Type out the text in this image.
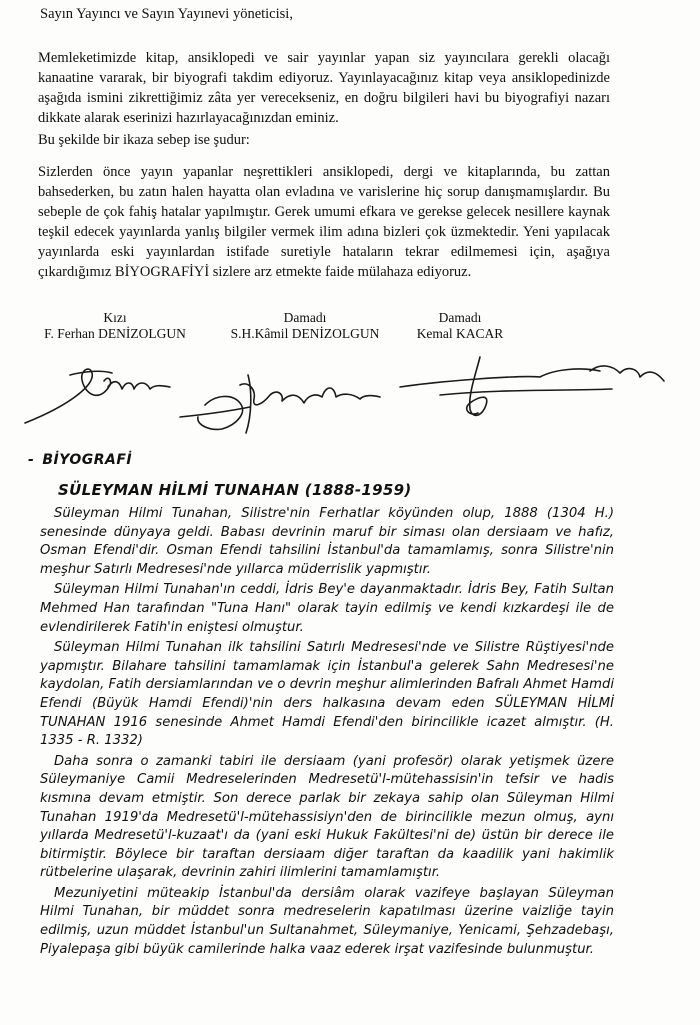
Sayın Yayıncı ve Sayın Yayınevi yöneticisi,

Memleketimizde kitap, ansiklopedi ve sair yayınlar yapan siz yayıncılara gerekli olacağı kanaatine vararak, bir biyografi takdim ediyoruz. Yayınlayacağınız kitap veya ansiklopedinizde aşağıda ismini zikrettiğimiz zâta yer verecekseniz, en doğru bilgileri havi bu biyografiyi nazarı dikkate alarak eserinizi hazırlayacağınızdan eminiz.

Bu şekilde bir ikaza sebep ise şudur:

Sizlerden önce yayın yapanlar neşrettikleri ansiklopedi, dergi ve kitaplarında, bu zattan bahsederken, bu zatın halen hayatta olan evladına ve varislerine hiç sorup danışmamışlardır. Bu sebeple de çok fahiş hatalar yapılmıştır. Gerek umumi efkara ve gerekse gelecek nesillere kaynak teşkil edecek yayınlarda yanlış bilgiler vermek ilim adına bizleri çok üzmektedir. Yeni yapılacak yayınlarda eski yayınlardan istifade suretiyle hataların tekrar edilmemesi için, aşağıya çıkardığımız BİYOGRAFİYİ sizlere arz etmekte faide mülahaza ediyoruz.

Kızı
F. Ferhan DENİZOLGUN
Damadı
S.H.Kâmil DENİZOLGUN
Damadı
Kemal KACAR
- BİYOGRAFİ
SÜLEYMAN HİLMİ TUNAHAN (1888-1959)

Süleyman Hilmi Tunahan, Silistre'nin Ferhatlar köyünden olup, 1888 (1304 H.) senesinde dünyaya geldi. Babası devrinin maruf bir siması olan dersiaam ve hafız, Osman Efendi'dir. Osman Efendi tahsilini İstanbul'da tamamlamış, sonra Silistre'nin meşhur Satırlı Medresesi'nde yıllarca müderrislik yapmıştır.

Süleyman Hilmi Tunahan'ın ceddi, İdris Bey'e dayanmaktadır. İdris Bey, Fatih Sultan Mehmed Han tarafından "Tuna Hanı" olarak tayin edilmiş ve kendi kızkardeşi ile de evlendirilerek Fatih'in eniştesi olmuştur.

Süleyman Hilmi Tunahan ilk tahsilini Satırlı Medresesi'nde ve Silistre Rüştiyesi'nde yapmıştır. Bilahare tahsilini tamamlamak için İstanbul'a gelerek Sahn Medresesi'ne kaydolan, Fatih dersiamlarından ve o devrin meşhur alimlerinden Bafralı Ahmet Hamdi Efendi (Büyük Hamdi Efendi)'nin ders halkasına devam eden SÜLEYMAN HİLMİ TUNAHAN 1916 senesinde Ahmet Hamdi Efendi'den birincilikle icazet almıştır. (H. 1335 - R. 1332)

Daha sonra o zamanki tabiri ile dersiaam (yani profesör) olarak yetişmek üzere Süleymaniye Camii Medreselerinden Medresetü'l-mütehassisin'in tefsir ve hadis kısmına devam etmiştir. Son derece parlak bir zekaya sahip olan Süleyman Hilmi Tunahan 1919'da Medresetü'l-mütehassisiyn'den de birincilikle mezun olmuş, aynı yıllarda Medresetü'l-kuzaat'ı da (yani eski Hukuk Fakültesi'ni de) üstün bir derece ile bitirmiştir. Böylece bir taraftan dersiaam diğer taraftan da kaadilik yani hakimlik rütbelerine ulaşarak, devrinin zahiri ilimlerini tamamlamıştır.

Mezuniyetini müteakip İstanbul'da dersiâm olarak vazifeye başlayan Süleyman Hilmi Tunahan, bir müddet sonra medreselerin kapatılması üzerine vaizliğe tayin edilmiş, uzun müddet İstanbul'un Sultanahmet, Süleymaniye, Yenicami, Şehzadebaşı, Piyalepaşa gibi büyük camilerinde halka vaaz ederek irşat vazifesinde bulunmuştur.
